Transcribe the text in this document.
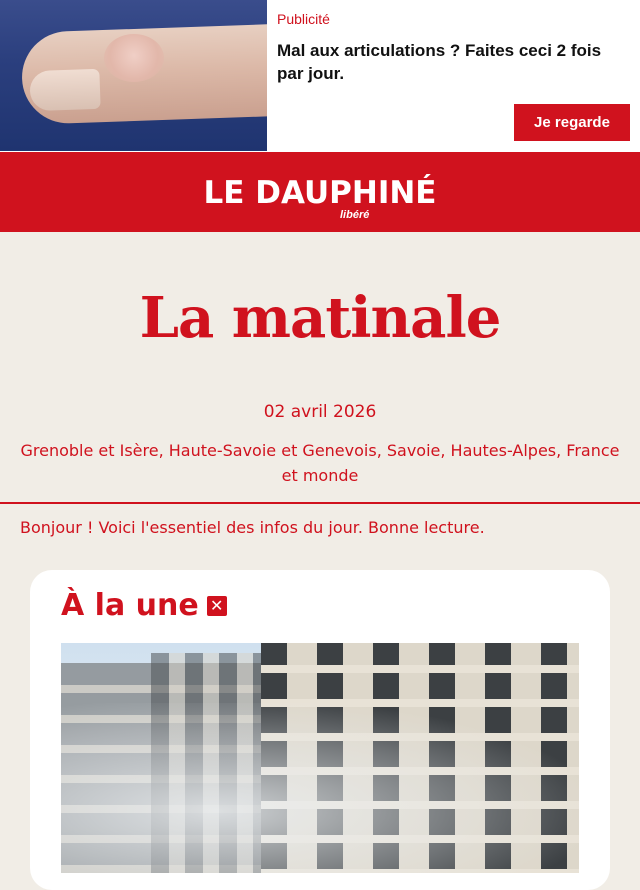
Publicité
Mal aux articulations ? Faites ceci 2 fois par jour.
Je regarde
LE DAUPHINÉ
libéré
La matinale
02 avril 2026
Grenoble et Isère, Haute-Savoie et Genevois, Savoie, Hautes-Alpes, France et monde
Bonjour ! Voici l'essentiel des infos du jour. Bonne lecture.
À la une ✕
